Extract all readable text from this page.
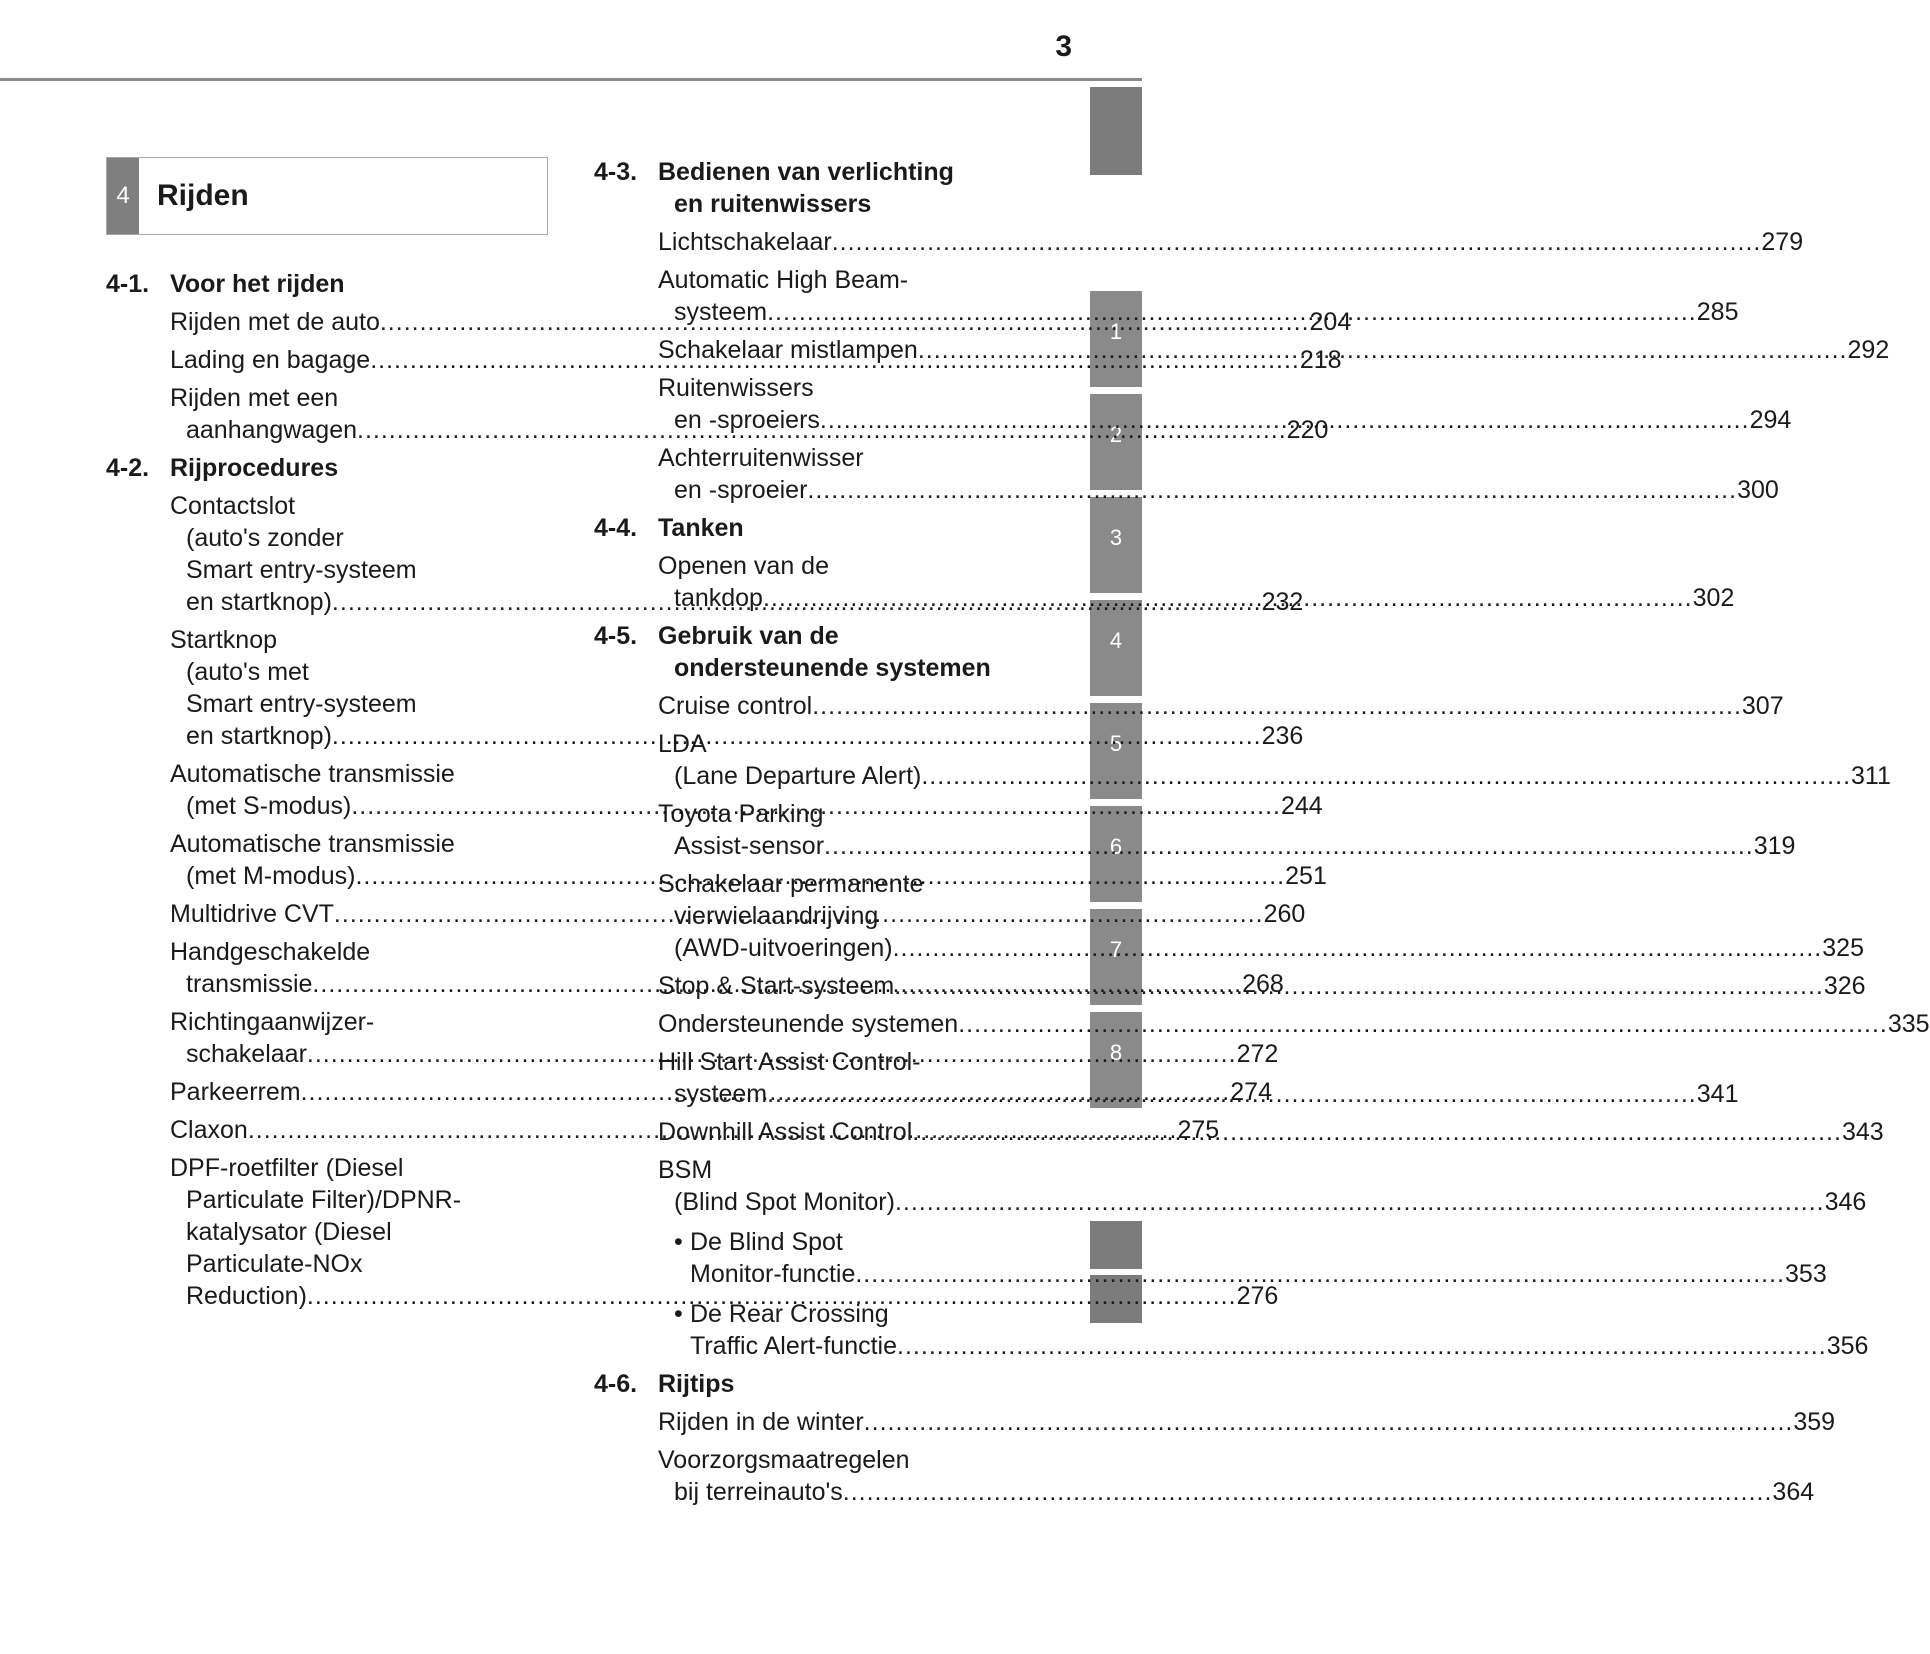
3
1
2
3
4
5
6
7
8
4 Rijden
4-1. Voor het rijden
Rijden met de auto .....	204
Lading en bagage .....	218
Rijden met een
aanhangwagen .....	220
4-2. Rijprocedures
Contactslot
(auto's zonder
Smart entry-systeem
en startknop) .....	232
Startknop
(auto's met
Smart entry-systeem
en startknop) .....	236
Automatische transmissie
(met S-modus) .....	244
Automatische transmissie
(met M-modus) .....	251
Multidrive CVT .....	260
Handgeschakelde
transmissie .....	268
Richtingaanwijzer-
schakelaar .....	272
Parkeerrem .....	274
Claxon .....	275
DPF-roetfilter (Diesel
Particulate Filter)/DPNR-
katalysator (Diesel
Particulate-NOx
Reduction) .....	276
4-3. Bedienen van verlichting
en ruitenwissers
Lichtschakelaar .....	279
Automatic High Beam-
systeem .....	285
Schakelaar mistlampen .....	292
Ruitenwissers
en -sproeiers .....	294
Achterruitenwisser
en -sproeier .....	300
4-4. Tanken
Openen van de
tankdop .....	302
4-5. Gebruik van de
ondersteunende systemen
Cruise control .....	307
LDA
(Lane Departure Alert) .....	311
Toyota Parking
Assist-sensor .....	319
Schakelaar permanente
vierwielaandrijving
(AWD-uitvoeringen) .....	325
Stop & Start-systeem .....	326
Ondersteunende systemen .....	335
Hill Start Assist Control-
systeem .....	341
Downhill Assist Control .....	343
BSM
(Blind Spot Monitor) .....	346
• De Blind Spot
Monitor-functie .....	353
• De Rear Crossing
Traffic Alert-functie .....	356
4-6. Rijtips
Rijden in de winter .....	359
Voorzorgsmaatregelen
bij terreinauto's .....	364
